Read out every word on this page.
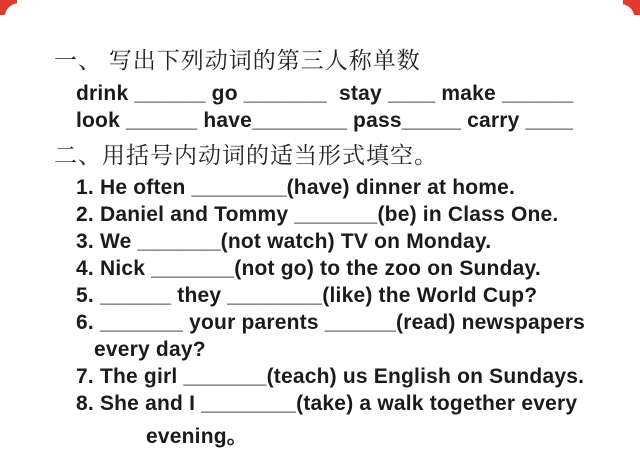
一、 写出下列动词的第三人称单数
drink ______ go _______  stay ____ make ______
look ______ have________ pass_____ carry ____
二、用括号内动词的适当形式填空。
1. He often ________(have) dinner at home.
2. Daniel and Tommy _______(be) in Class One.
3. We _______(not watch) TV on Monday.
4. Nick _______(not go) to the zoo on Sunday.
5. ______ they ________(like) the World Cup?
6. _______ your parents ______(read) newspapers
every day?
7. The girl _______(teach) us English on Sundays.
8. She and I ________(take) a walk together every
evening。
